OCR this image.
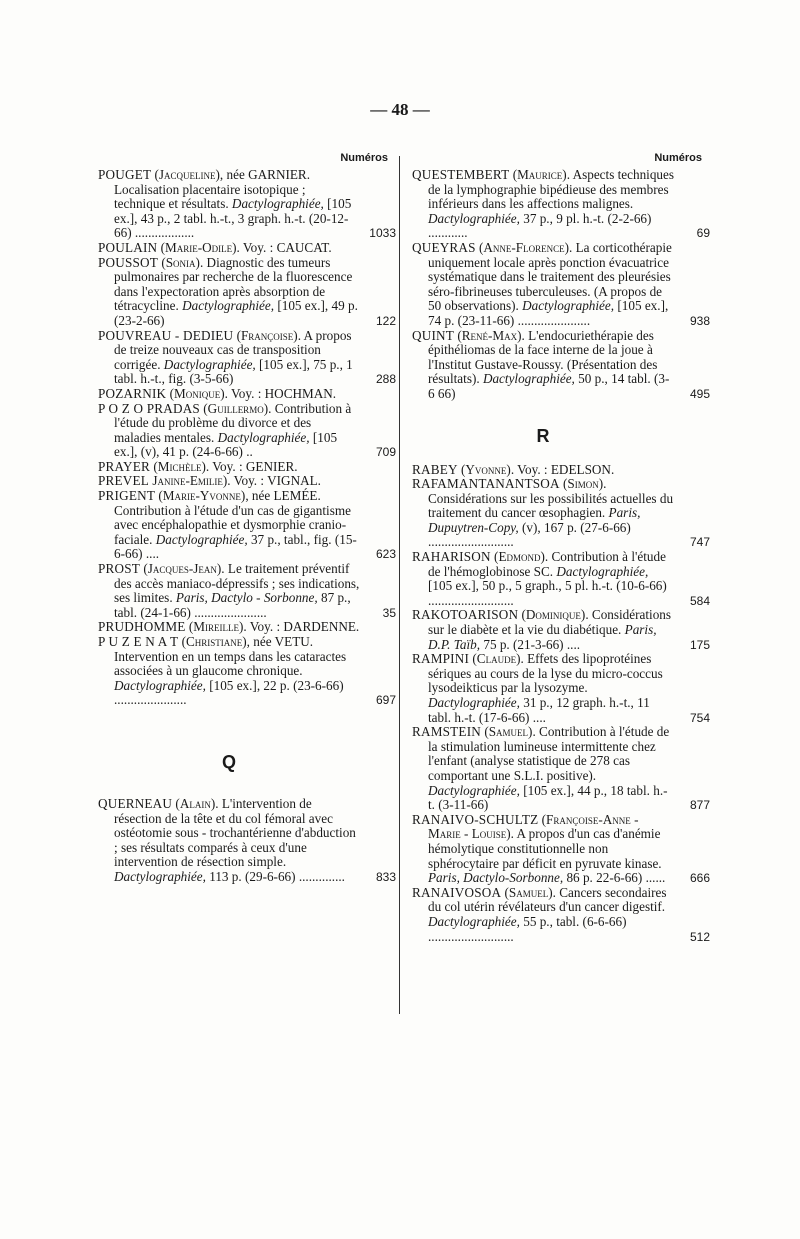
— 48 —
Numéros

POUGET (Jacqueline), née GARNIER. Localisation placentaire isotopique ; technique et résultats. Dactylographiée, [105 ex.], 43 p., 2 tabl. h.-t., 3 graph. h.-t. (20-12-66) ..................	1033

POULAIN (Marie-Odile). Voy. : CAUCAT.

POUSSOT (Sonia). Diagnostic des tumeurs pulmonaires par recherche de la fluorescence dans l'expectoration après absorption de tétracycline. Dactylographiée, [105 ex.], 49 p. (23-2-66)	122

POUVREAU - DEDIEU (Françoise). A propos de treize nouveaux cas de transposition corrigée. Dactylographiée, [105 ex.], 75 p., 1 tabl. h.-t., fig. (3-5-66)	288

POZARNIK (Monique). Voy. : HOCHMAN.

P O Z O PRADAS (Guillermo). Contribution à l'étude du problème du divorce et des maladies mentales. Dactylographiée, [105 ex.], (v), 41 p. (24-6-66) ..	709

PRAYER (Michèle). Voy. : GENIER.

PREVEL Janine-Emilie). Voy. : VIGNAL.

PRIGENT (Marie-Yvonne), née LEMÉE. Contribution à l'étude d'un cas de gigantisme avec encéphalopathie et dysmorphie cranio-faciale. Dactylographiée, 37 p., tabl., fig. (15-6-66) ....	623

PROST (Jacques-Jean). Le traitement préventif des accès maniaco-dépressifs ; ses indications, ses limites. Paris, Dactylo - Sorbonne, 87 p., tabl. (24-1-66) ......................	35

PRUDHOMME (Mireille). Voy. : DARDENNE.

P U Z E N A T (Christiane), née VETU. Intervention en un temps dans les cataractes associées à un glaucome chronique. Dactylographiée, [105 ex.], 22 p. (23-6-66) ......................	697

Q

QUERNEAU (Alain). L'intervention de résection de la tête et du col fémoral avec ostéotomie sous - trochantérienne d'abduction ; ses résultats comparés à ceux d'une intervention de résection simple. Dactylographiée, 113 p. (29-6-66) ..............	833

Numéros

QUESTEMBERT (Maurice). Aspects techniques de la lymphographie bipédieuse des membres inférieurs dans les affections malignes. Dactylographiée, 37 p., 9 pl. h.-t. (2-2-66) ............	69

QUEYRAS (Anne-Florence). La corticothérapie uniquement locale après ponction évacuatrice systématique dans le traitement des pleurésies séro-fibrineuses tuberculeuses. (A propos de 50 observations). Dactylographiée, [105 ex.], 74 p. (23-11-66) ......................	938

QUINT (René-Max). L'endocuriethérapie des épithéliomas de la face interne de la joue à l'Institut Gustave-Roussy. (Présentation des résultats). Dactylographiée, 50 p., 14 tabl. (3-6 66)	495

R

RABEY (Yvonne). Voy. : EDELSON.

RAFAMANTANANTSOA (Simon). Considérations sur les possibilités actuelles du traitement du cancer œsophagien. Paris, Dupuytren-Copy, (v), 167 p. (27-6-66) ..........................	747

RAHARISON (Edmond). Contribution à l'étude de l'hémoglobinose SC. Dactylographiée, [105 ex.], 50 p., 5 graph., 5 pl. h.-t. (10-6-66) ..........................	584

RAKOTOARISON (Dominique). Considérations sur le diabète et la vie du diabétique. Paris, D.P. Taïb, 75 p. (21-3-66) ....	175

RAMPINI (Claude). Effets des lipoprotéines sériques au cours de la lyse du micro-coccus lysodeikticus par la lysozyme. Dactylographiée, 31 p., 12 graph. h.-t., 11 tabl. h.-t. (17-6-66) ....	754

RAMSTEIN (Samuel). Contribution à l'étude de la stimulation lumineuse intermittente chez l'enfant (analyse statistique de 278 cas comportant une S.L.I. positive). Dactylographiée, [105 ex.], 44 p., 18 tabl. h.-t. (3-11-66)	877

RANAIVO-SCHULTZ (Françoise-Anne - Marie - Louise). A propos d'un cas d'anémie hémolytique constitutionnelle non sphérocytaire par déficit en pyruvate kinase. Paris, Dactylo-Sorbonne, 86 p. 22-6-66) ...... 666

RANAIVOSOA (Samuel). Cancers secondaires du col utérin révélateurs d'un cancer digestif. Dactylographiée, 55 p., tabl. (6-6-66) ..........................	512
